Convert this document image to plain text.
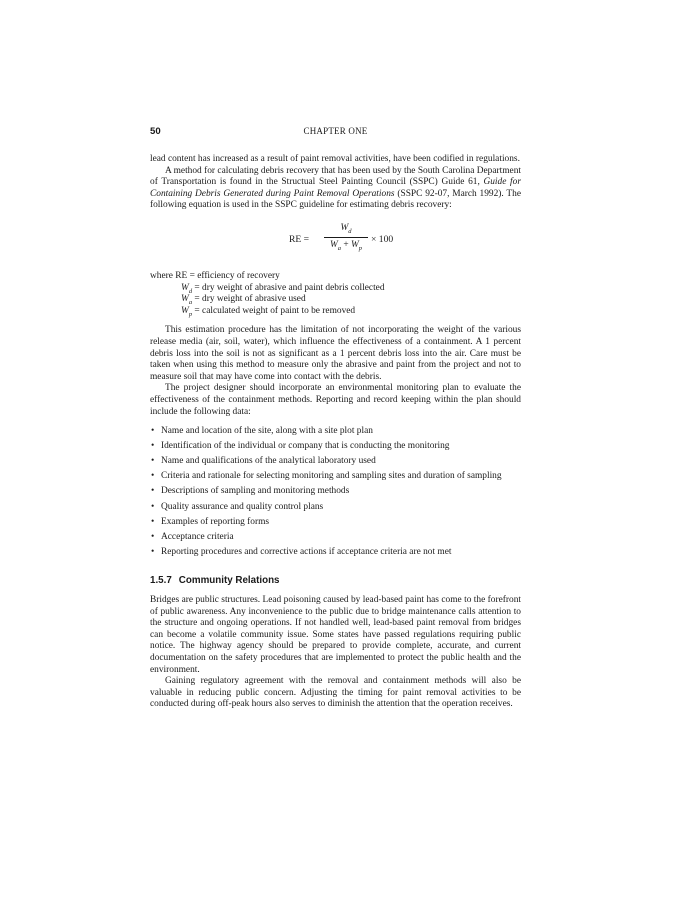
50	CHAPTER ONE

lead content has increased as a result of paint removal activities, have been codified in regulations.

A method for calculating debris recovery that has been used by the South Carolina Department of Transportation is found in the Structual Steel Painting Council (SSPC) Guide 61, Guide for Containing Debris Generated during Paint Removal Operations (SSPC 92-07, March 1992). The following equation is used in the SSPC guideline for estimating debris recovery:

RE =
$W_d$
$W_a + W_p$
× 100
where RE = efficiency of recovery
$W_d$ = dry weight of abrasive and paint debris collected
$W_a$ = dry weight of abrasive used
$W_p$ = calculated weight of paint to be removed

This estimation procedure has the limitation of not incorporating the weight of the various release media (air, soil, water), which influence the effectiveness of a containment. A 1 percent debris loss into the soil is not as significant as a 1 percent debris loss into the air. Care must be taken when using this method to measure only the abrasive and paint from the project and not to measure soil that may have come into contact with the debris.

The project designer should incorporate an environmental monitoring plan to evaluate the effectiveness of the containment methods. Reporting and record keeping within the plan should include the following data:

• Name and location of the site, along with a site plot plan
• Identification of the individual or company that is conducting the monitoring
• Name and qualifications of the analytical laboratory used
• Criteria and rationale for selecting monitoring and sampling sites and duration of sampling
• Descriptions of sampling and monitoring methods
• Quality assurance and quality control plans
• Examples of reporting forms
• Acceptance criteria
• Reporting procedures and corrective actions if acceptance criteria are not met
1.5.7 Community Relations

Bridges are public structures. Lead poisoning caused by lead-based paint has come to the forefront of public awareness. Any inconvenience to the public due to bridge maintenance calls attention to the structure and ongoing operations. If not handled well, lead-based paint removal from bridges can become a volatile community issue. Some states have passed regulations requiring public notice. The highway agency should be prepared to provide complete, accurate, and current documentation on the safety procedures that are implemented to protect the public health and the environment.

Gaining regulatory agreement with the removal and containment methods will also be valuable in reducing public concern. Adjusting the timing for paint removal activities to be conducted during off-peak hours also serves to diminish the attention that the operation receives.
